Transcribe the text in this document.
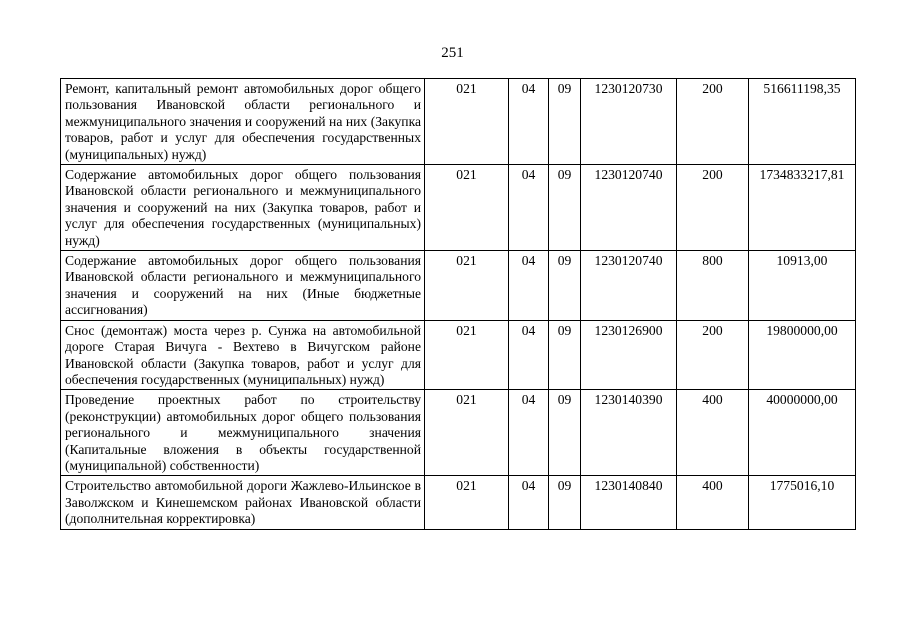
251
Ремонт, капитальный ремонт автомобильных дорог общего пользования Ивановской области регионального и межмуниципального значения и сооружений на них (Закупка товаров, работ и услуг для обеспечения государственных (муниципальных) нужд)	021	04	09	1230120730	200	516611198,35
Содержание автомобильных дорог общего пользования Ивановской области регионального и межмуниципального значения и сооружений на них (Закупка товаров, работ и услуг для обеспечения государственных (муниципальных) нужд)	021	04	09	1230120740	200	1734833217,81
Содержание автомобильных дорог общего пользования Ивановской области регионального и межмуниципального значения и сооружений на них (Иные бюджетные ассигнования)	021	04	09	1230120740	800	10913,00
Снос (демонтаж) моста через р. Сунжа на автомобильной дороге Старая Вичуга - Вехтево в Вичугском районе Ивановской области (Закупка товаров, работ и услуг для обеспечения государственных (муниципальных) нужд)	021	04	09	1230126900	200	19800000,00
Проведение проектных работ по строительству (реконструкции) автомобильных дорог общего пользования регионального и межмуниципального значения (Капитальные вложения в объекты государственной (муниципальной) собственности)	021	04	09	1230140390	400	40000000,00
Строительство автомобильной дороги Жажлево-Ильинское в Заволжском и Кинешемском районах Ивановской области (дополнительная корректировка)	021	04	09	1230140840	400	1775016,10
